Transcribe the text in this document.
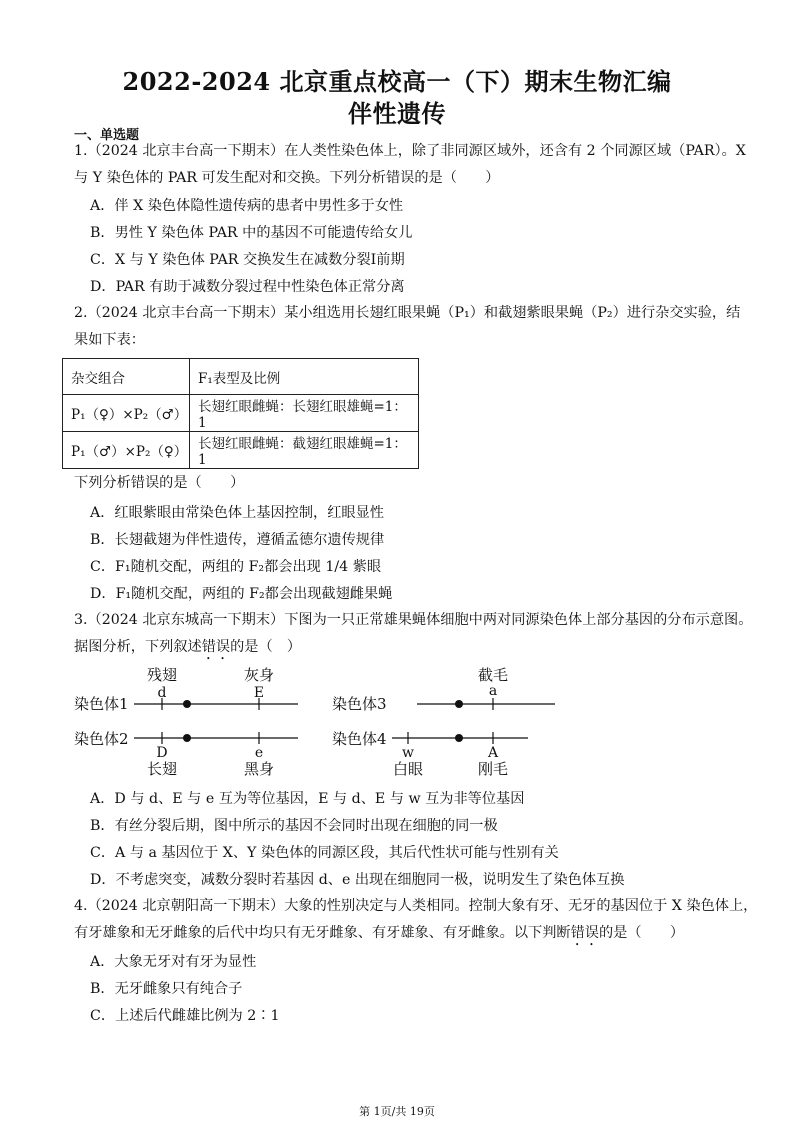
2022-2024 北京重点校高一（下）期末生物汇编
伴性遗传
一、单选题
1.（2024 北京丰台高一下期末）在人类性染色体上，除了非同源区域外，还含有 2 个同源区域（PAR）。X
与 Y 染色体的 PAR 可发生配对和交换。下列分析错误的是（　　）
A．伴 X 染色体隐性遗传病的患者中男性多于女性
B．男性 Y 染色体 PAR 中的基因不可能遗传给女儿
C．X 与 Y 染色体 PAR 交换发生在减数分裂Ⅰ前期
D．PAR 有助于减数分裂过程中性染色体正常分离
2.（2024 北京丰台高一下期末）某小组选用长翅红眼果蝇（P₁）和截翅紫眼果蝇（P₂）进行杂交实验，结
果如下表：
杂交组合	F₁表型及比例
P₁（♀）×P₂（♂）	长翅红眼雌蝇：长翅红眼雄蝇=1：1
P₁（♂）×P₂（♀）	长翅红眼雌蝇：截翅红眼雄蝇=1：1
下列分析错误的是（　　）
A．红眼紫眼由常染色体上基因控制，红眼显性
B．长翅截翅为伴性遗传，遵循孟德尔遗传规律
C．F₁随机交配，两组的 F₂都会出现 1/4 紫眼
D．F₁随机交配，两组的 F₂都会出现截翅雌果蝇
3.（2024 北京东城高一下期末）下图为一只正常雄果蝇体细胞中两对同源染色体上部分基因的分布示意图。
据图分析，下列叙述错误的是（　）
染色体1
残翅
d
灰身
E
染色体2
D
长翅
e
黑身
染色体3
截毛
a
染色体4
w
白眼
A
刚毛
A．D 与 d、E 与 e 互为等位基因，E 与 d、E 与 w 互为非等位基因
B．有丝分裂后期，图中所示的基因不会同时出现在细胞的同一极
C．A 与 a 基因位于 X、Y 染色体的同源区段，其后代性状可能与性别有关
D．不考虑突变，减数分裂时若基因 d、e 出现在细胞同一极，说明发生了染色体互换
4.（2024 北京朝阳高一下期末）大象的性别决定与人类相同。控制大象有牙、无牙的基因位于 X 染色体上，
有牙雄象和无牙雌象的后代中均只有无牙雌象、有牙雄象、有牙雌象。以下判断错误的是（　　）
A．大象无牙对有牙为显性
B．无牙雌象只有纯合子
C．上述后代雌雄比例为 2∶1
第 1页/共 19页
